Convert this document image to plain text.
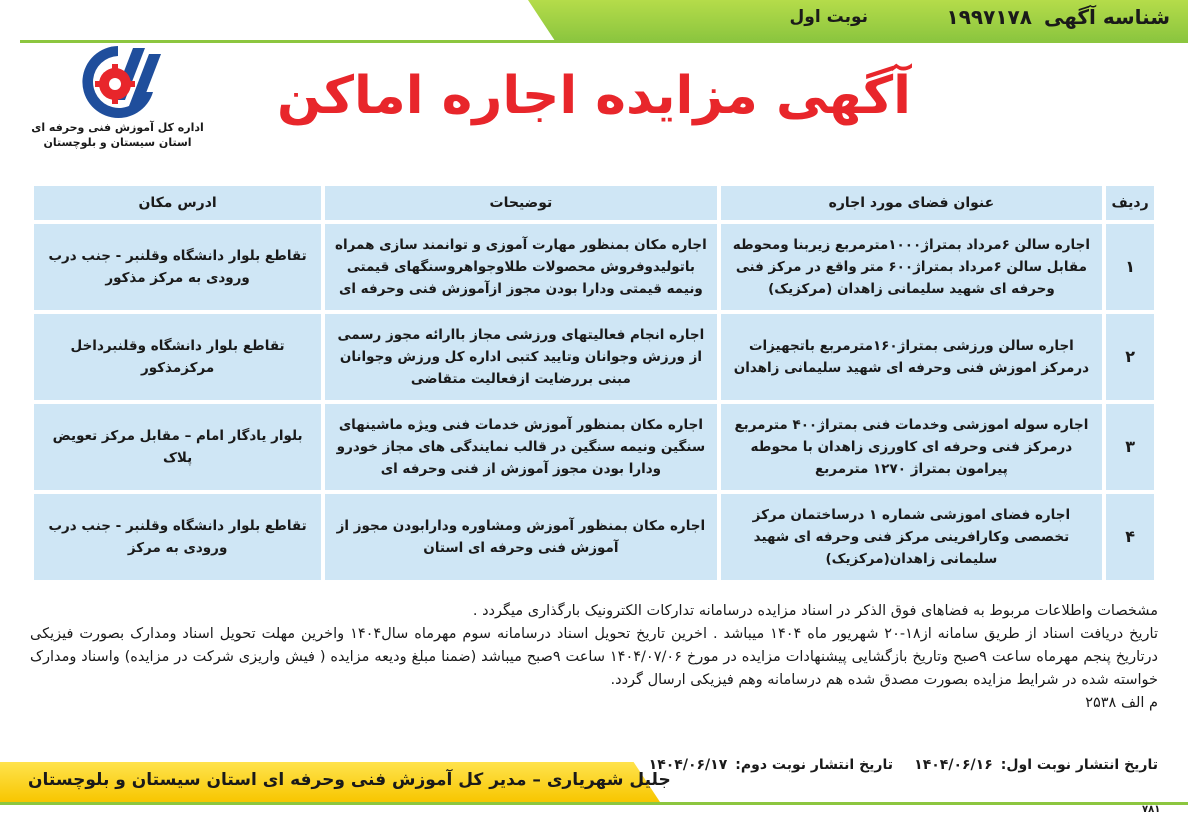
شناسه آگهی
۱۹۹۷۱۷۸
نوبت اول
اداره کل آموزش فنی وحرفه ای
استان سیستان و بلوچستان
آگهی مزایده اجاره اماکن
ردیف	عنوان فضای مورد اجاره	توضیحات	ادرس مکان
۱	اجاره سالن ۶مرداد بمتراژ۱۰۰۰مترمربع زیربنا ومحوطه مقابل سالن ۶مرداد بمتراژ۶۰۰ متر واقع در مرکز فنی وحرفه ای شهید سلیمانی زاهدان (مرکزیک)	اجاره مکان بمنظور مهارت آموزی و توانمند سازی همراه باتولیدوفروش محصولات طلاوجواهروسنگهای قیمتی ونیمه قیمتی ودارا بودن مجوز ازآموزش فنی وحرفه ای	تقاطع بلوار دانشگاه وقلنبر - جنب درب ورودی به مرکز مذکور
۲	اجاره سالن ورزشی بمتراژ۱۶۰مترمربع باتجهیزات درمرکز اموزش فنی وحرفه ای شهید سلیمانی زاهدان	اجاره انجام فعالیتهای ورزشی مجاز باارائه مجوز رسمی از ورزش وجوانان وتایید کتبی اداره کل ورزش وجوانان مبنی بررضایت ازفعالیت متقاضی	تقاطع بلوار دانشگاه وقلنبرداخل مرکزمذکور
۳	اجاره سوله اموزشی وخدمات فنی بمتراژ۴۰۰ مترمربع درمرکز فنی وحرفه ای کاورزی زاهدان با محوطه پیرامون بمتراژ ۱۲۷۰ مترمربع	اجاره مکان بمنظور آموزش خدمات فنی ویژه ماشینهای سنگین ونیمه سنگین در قالب نمایندگی های مجاز خودرو ودارا بودن مجوز آموزش از فنی وحرفه ای	بلوار یادگار امام – مقابل مرکز تعویض پلاک
۴	اجاره فضای اموزشی شماره ۱ درساختمان مرکز تخصصی وکارافرینی مرکز فنی وحرفه ای شهید سلیمانی زاهدان(مرکزیک)	اجاره مکان بمنظور آموزش ومشاوره ودارابودن مجوز از آموزش فنی وحرفه ای استان	تقاطع بلوار دانشگاه وقلنبر - جنب درب ورودی به مرکز

مشخصات واطلاعات مربوط به فضاهای فوق الذکر در اسناد مزایده درسامانه تدارکات الکترونیک بارگذاری میگردد .

تاریخ دریافت اسناد از طریق سامانه از۱۸-۲۰ شهریور ماه ۱۴۰۴ میباشد . اخرین تاریخ تحویل اسناد درسامانه سوم مهرماه سال۱۴۰۴ واخرین مهلت تحویل اسناد ومدارک بصورت فیزیکی درتاریخ پنجم مهرماه ساعت ۹صبح وتاریخ بازگشایی پیشنهادات مزایده در مورخ ۱۴۰۴/۰۷/۰۶ ساعت ۹صبح میباشد (ضمنا مبلغ ودیعه مزایده ( فیش واریزی شرکت در مزایده) واسناد ومدارک خواسته شده در شرایط مزایده بصورت مصدق شده هم درسامانه وهم فیزیکی ارسال گردد.

م الف ۲۵۳۸

تاریخ انتشار نوبت اول:
۱۴۰۴/۰۶/۱۶
تاریخ انتشار نوبت دوم:
۱۴۰۴/۰۶/۱۷
جلیل شهریاری – مدیر کل آموزش فنی وحرفه ای استان سیستان و بلوچستان
۷۸۱
